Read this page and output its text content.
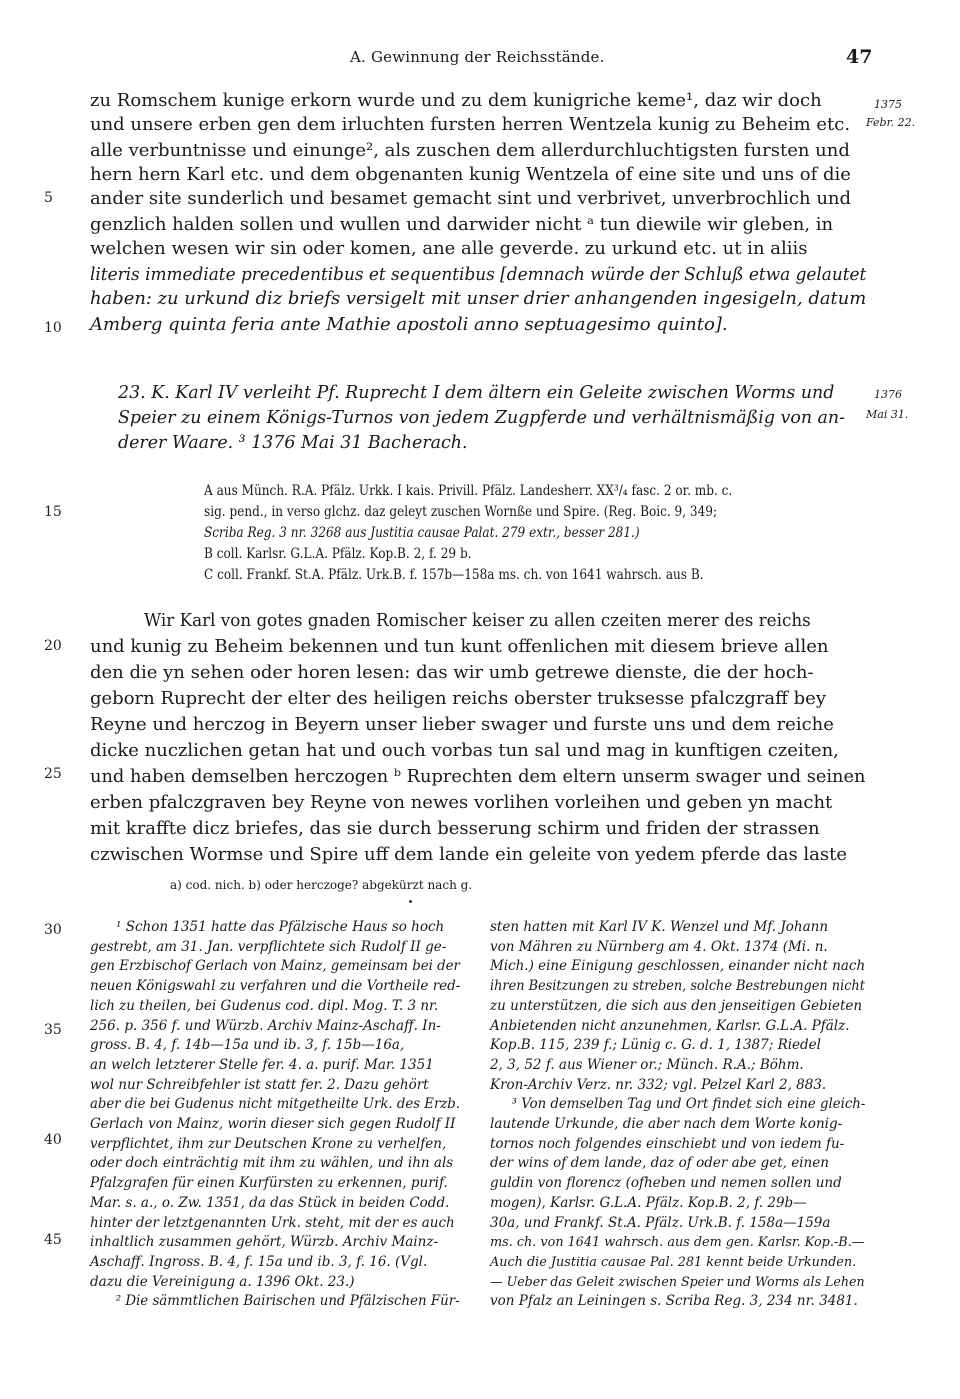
A. Gewinnung der Reichsstände.	47
1375
Febr. 22.
1376
Mai 31.
5
10
15
20
25
30
35
40
45
zu Romschem kunige erkorn wurde und zu dem kunigriche keme¹, daz wir doch
und unsere erben gen dem irluchten fursten herren Wentzela kunig zu Beheim etc.
alle verbuntnisse und einunge², als zuschen dem allerdurchluchtigsten fursten und
hern hern Karl etc. und dem obgenanten kunig Wentzela of eine site und uns of die
ander site sunderlich und besamet gemacht sint und verbrivet, unverbrochlich und
genzlich halden sollen und wullen und darwider nicht ᵃ tun diewile wir gleben, in
welchen wesen wir sin oder komen, ane alle geverde. zu urkund etc. ut in aliis
literis immediate precedentibus et sequentibus [demnach würde der Schluß etwa gelautet
haben: zu urkund diz briefs versigelt mit unser drier anhangenden ingesigeln, datum
Amberg quinta feria ante Mathie apostoli anno septuagesimo quinto].
23. K. Karl IV verleiht Pf. Ruprecht I dem ältern ein Geleite zwischen Worms und
Speier zu einem Königs-Turnos von jedem Zugpferde und verhältnismäßig von an-
derer Waare. ³ 1376 Mai 31 Bacherach.
A aus Münch. R.A. Pfälz. Urkk. I kais. Privill. Pfälz. Landesherr. XX³/₄ fasc. 2 or. mb. c.
sig. pend., in verso glchz. daz geleyt zuschen Wornße und Spire. (Reg. Boic. 9, 349;
Scriba Reg. 3 nr. 3268 aus Justitia causae Palat. 279 extr., besser 281.)
B coll. Karlsr. G.L.A. Pfälz. Kop.B. 2, f. 29 b.
C coll. Frankf. St.A. Pfälz. Urk.B. f. 157b—158a ms. ch. von 1641 wahrsch. aus B.
Wir Karl von gotes gnaden Romischer keiser zu allen czeiten merer des reichs
und kunig zu Beheim bekennen und tun kunt offenlichen mit diesem brieve allen
den die yn sehen oder horen lesen: das wir umb getrewe dienste, die der hoch-
geborn Ruprecht der elter des heiligen reichs oberster truksesse pfalczgraff bey
Reyne und herczog in Beyern unser lieber swager und furste uns und dem reiche
dicke nuczlichen getan hat und ouch vorbas tun sal und mag in kunftigen czeiten,
und haben demselben herczogen ᵇ Ruprechten dem eltern unserm swager und seinen
erben pfalczgraven bey Reyne von newes vorlihen vorleihen und geben yn macht
mit kraffte dicz briefes, das sie durch besserung schirm und friden der strassen
czwischen Wormse und Spire uff dem lande ein geleite von yedem pferde das laste
a) cod. nich. b) oder herczoge? abgekürzt nach g.
¹ Schon 1351 hatte das Pfälzische Haus so hoch
gestrebt, am 31. Jan. verpflichtete sich Rudolf II ge-
gen Erzbischof Gerlach von Mainz, gemeinsam bei der
neuen Königswahl zu verfahren und die Vortheile red-
lich zu theilen, bei Gudenus cod. dipl. Mog. T. 3 nr.
256. p. 356 f. und Würzb. Archiv Mainz-Aschaff. In-
gross. B. 4, f. 14b—15a und ib. 3, f. 15b—16a,
an welch letzterer Stelle fer. 4. a. purif. Mar. 1351
wol nur Schreibfehler ist statt fer. 2. Dazu gehört
aber die bei Gudenus nicht mitgetheilte Urk. des Erzb.
Gerlach von Mainz, worin dieser sich gegen Rudolf II
verpflichtet, ihm zur Deutschen Krone zu verhelfen,
oder doch einträchtig mit ihm zu wählen, und ihn als
Pfalzgrafen für einen Kurfürsten zu erkennen, purif.
Mar. s. a., o. Zw. 1351, da das Stück in beiden Codd.
hinter der letztgenannten Urk. steht, mit der es auch
inhaltlich zusammen gehört, Würzb. Archiv Mainz-
Aschaff. Ingross. B. 4, f. 15a und ib. 3, f. 16. (Vgl.
dazu die Vereinigung a. 1396 Okt. 23.)
² Die sämmtlichen Bairischen und Pfälzischen Für-
sten hatten mit Karl IV K. Wenzel und Mf. Johann
von Mähren zu Nürnberg am 4. Okt. 1374 (Mi. n.
Mich.) eine Einigung geschlossen, einander nicht nach
ihren Besitzungen zu streben, solche Bestrebungen nicht
zu unterstützen, die sich aus den jenseitigen Gebieten
Anbietenden nicht anzunehmen, Karlsr. G.L.A. Pfälz.
Kop.B. 115, 239 f.; Lünig c. G. d. 1, 1387; Riedel
2, 3, 52 f. aus Wiener or.; Münch. R.A.; Böhm.
Kron-Archiv Verz. nr. 332; vgl. Pelzel Karl 2, 883.
³ Von demselben Tag und Ort findet sich eine gleich-
lautende Urkunde, die aber nach dem Worte konig-
tornos noch folgendes einschiebt und von iedem fu-
der wins of dem lande, daz of oder abe get, einen
guldin von florencz (ofheben und nemen sollen und
mogen), Karlsr. G.L.A. Pfälz. Kop.B. 2, f. 29b—
30a, und Frankf. St.A. Pfälz. Urk.B. f. 158a—159a
ms. ch. von 1641 wahrsch. aus dem gen. Karlsr. Kop.-B.—
Auch die Justitia causae Pal. 281 kennt beide Urkunden.
— Ueber das Geleit zwischen Speier und Worms als Lehen
von Pfalz an Leiningen s. Scriba Reg. 3, 234 nr. 3481.
